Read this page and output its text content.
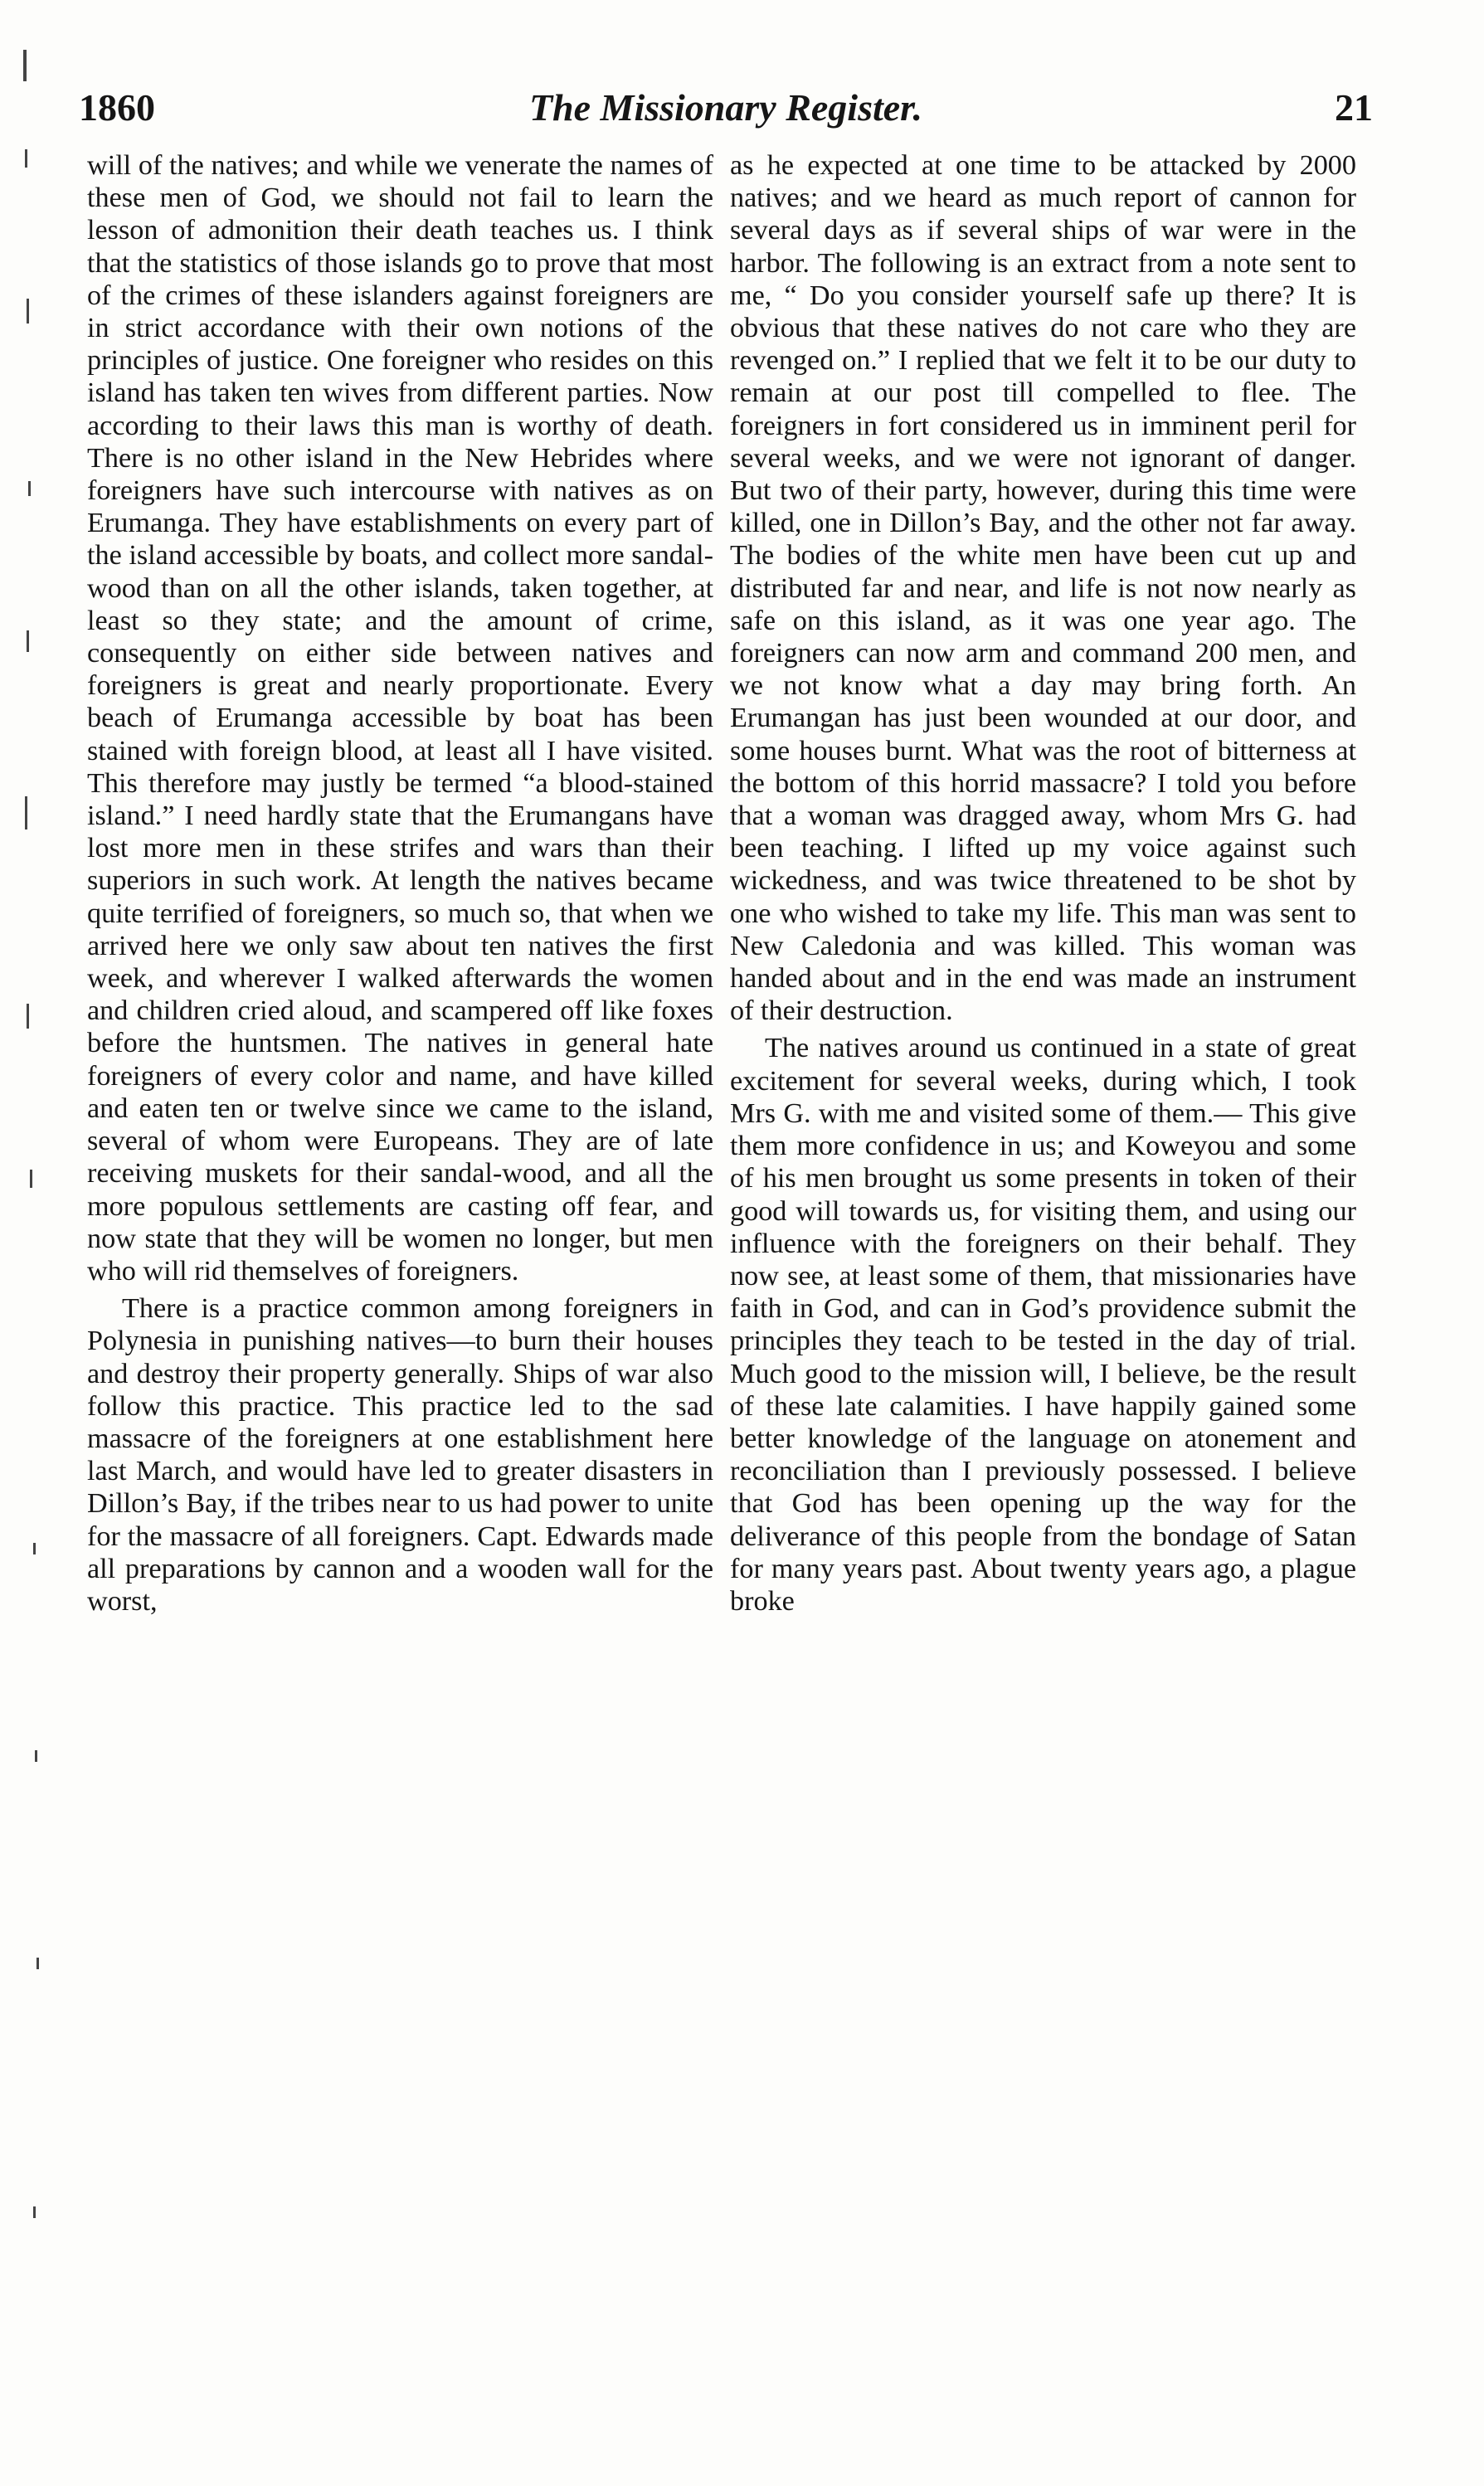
1860	The Missionary Register.	21

will of the natives; and while we venerate the names of these men of God, we should not fail to learn the lesson of admonition their death teaches us. I think that the statistics of those islands go to prove that most of the crimes of these islanders against foreigners are in strict accordance with their own notions of the principles of justice. One foreigner who resides on this island has taken ten wives from different parties. Now according to their laws this man is worthy of death. There is no other island in the New Hebrides where foreigners have such intercourse with natives as on Erumanga. They have establishments on every part of the island accessible by boats, and collect more sandal-wood than on all the other islands, taken together, at least so they state; and the amount of crime, consequently on either side between natives and foreigners is great and nearly proportionate. Every beach of Erumanga accessible by boat has been stained with foreign blood, at least all I have visited. This therefore may justly be termed “a blood-stained island.” I need hardly state that the Erumangans have lost more men in these strifes and wars than their superiors in such work. At length the natives became quite terrified of foreigners, so much so, that when we arrived here we only saw about ten natives the first week, and wherever I walked afterwards the women and children cried aloud, and scampered off like foxes before the huntsmen. The natives in general hate foreigners of every color and name, and have killed and eaten ten or twelve since we came to the island, several of whom were Europeans. They are of late receiving muskets for their sandal-wood, and all the more populous settlements are casting off fear, and now state that they will be women no longer, but men who will rid themselves of foreigners.

There is a practice common among foreigners in Polynesia in punishing natives—to burn their houses and destroy their property generally. Ships of war also follow this practice. This practice led to the sad massacre of the foreigners at one establishment here last March, and would have led to greater disasters in Dillon’s Bay, if the tribes near to us had power to unite for the massacre of all foreigners. Capt. Edwards made all preparations by cannon and a wooden wall for the worst,

as he expected at one time to be attacked by 2000 natives; and we heard as much report of cannon for several days as if several ships of war were in the harbor. The following is an extract from a note sent to me, “ Do you consider yourself safe up there? It is obvious that these natives do not care who they are revenged on.” I replied that we felt it to be our duty to remain at our post till compelled to flee. The foreigners in fort considered us in imminent peril for several weeks, and we were not ignorant of danger. But two of their party, however, during this time were killed, one in Dillon’s Bay, and the other not far away. The bodies of the white men have been cut up and distributed far and near, and life is not now nearly as safe on this island, as it was one year ago. The foreigners can now arm and command 200 men, and we not know what a day may bring forth. An Erumangan has just been wounded at our door, and some houses burnt. What was the root of bitterness at the bottom of this horrid massacre? I told you before that a woman was dragged away, whom Mrs G. had been teaching. I lifted up my voice against such wickedness, and was twice threatened to be shot by one who wished to take my life. This man was sent to New Caledonia and was killed. This woman was handed about and in the end was made an instrument of their destruction.

The natives around us continued in a state of great excitement for several weeks, during which, I took Mrs G. with me and visited some of them.— This give them more confidence in us; and Koweyou and some of his men brought us some presents in token of their good will towards us, for visiting them, and using our influence with the foreigners on their behalf. They now see, at least some of them, that missionaries have faith in God, and can in God’s providence submit the principles they teach to be tested in the day of trial. Much good to the mission will, I believe, be the result of these late calamities. I have happily gained some better knowledge of the language on atonement and reconciliation than I previously possessed. I believe that God has been opening up the way for the deliverance of this people from the bondage of Satan for many years past. About twenty years ago, a plague broke
